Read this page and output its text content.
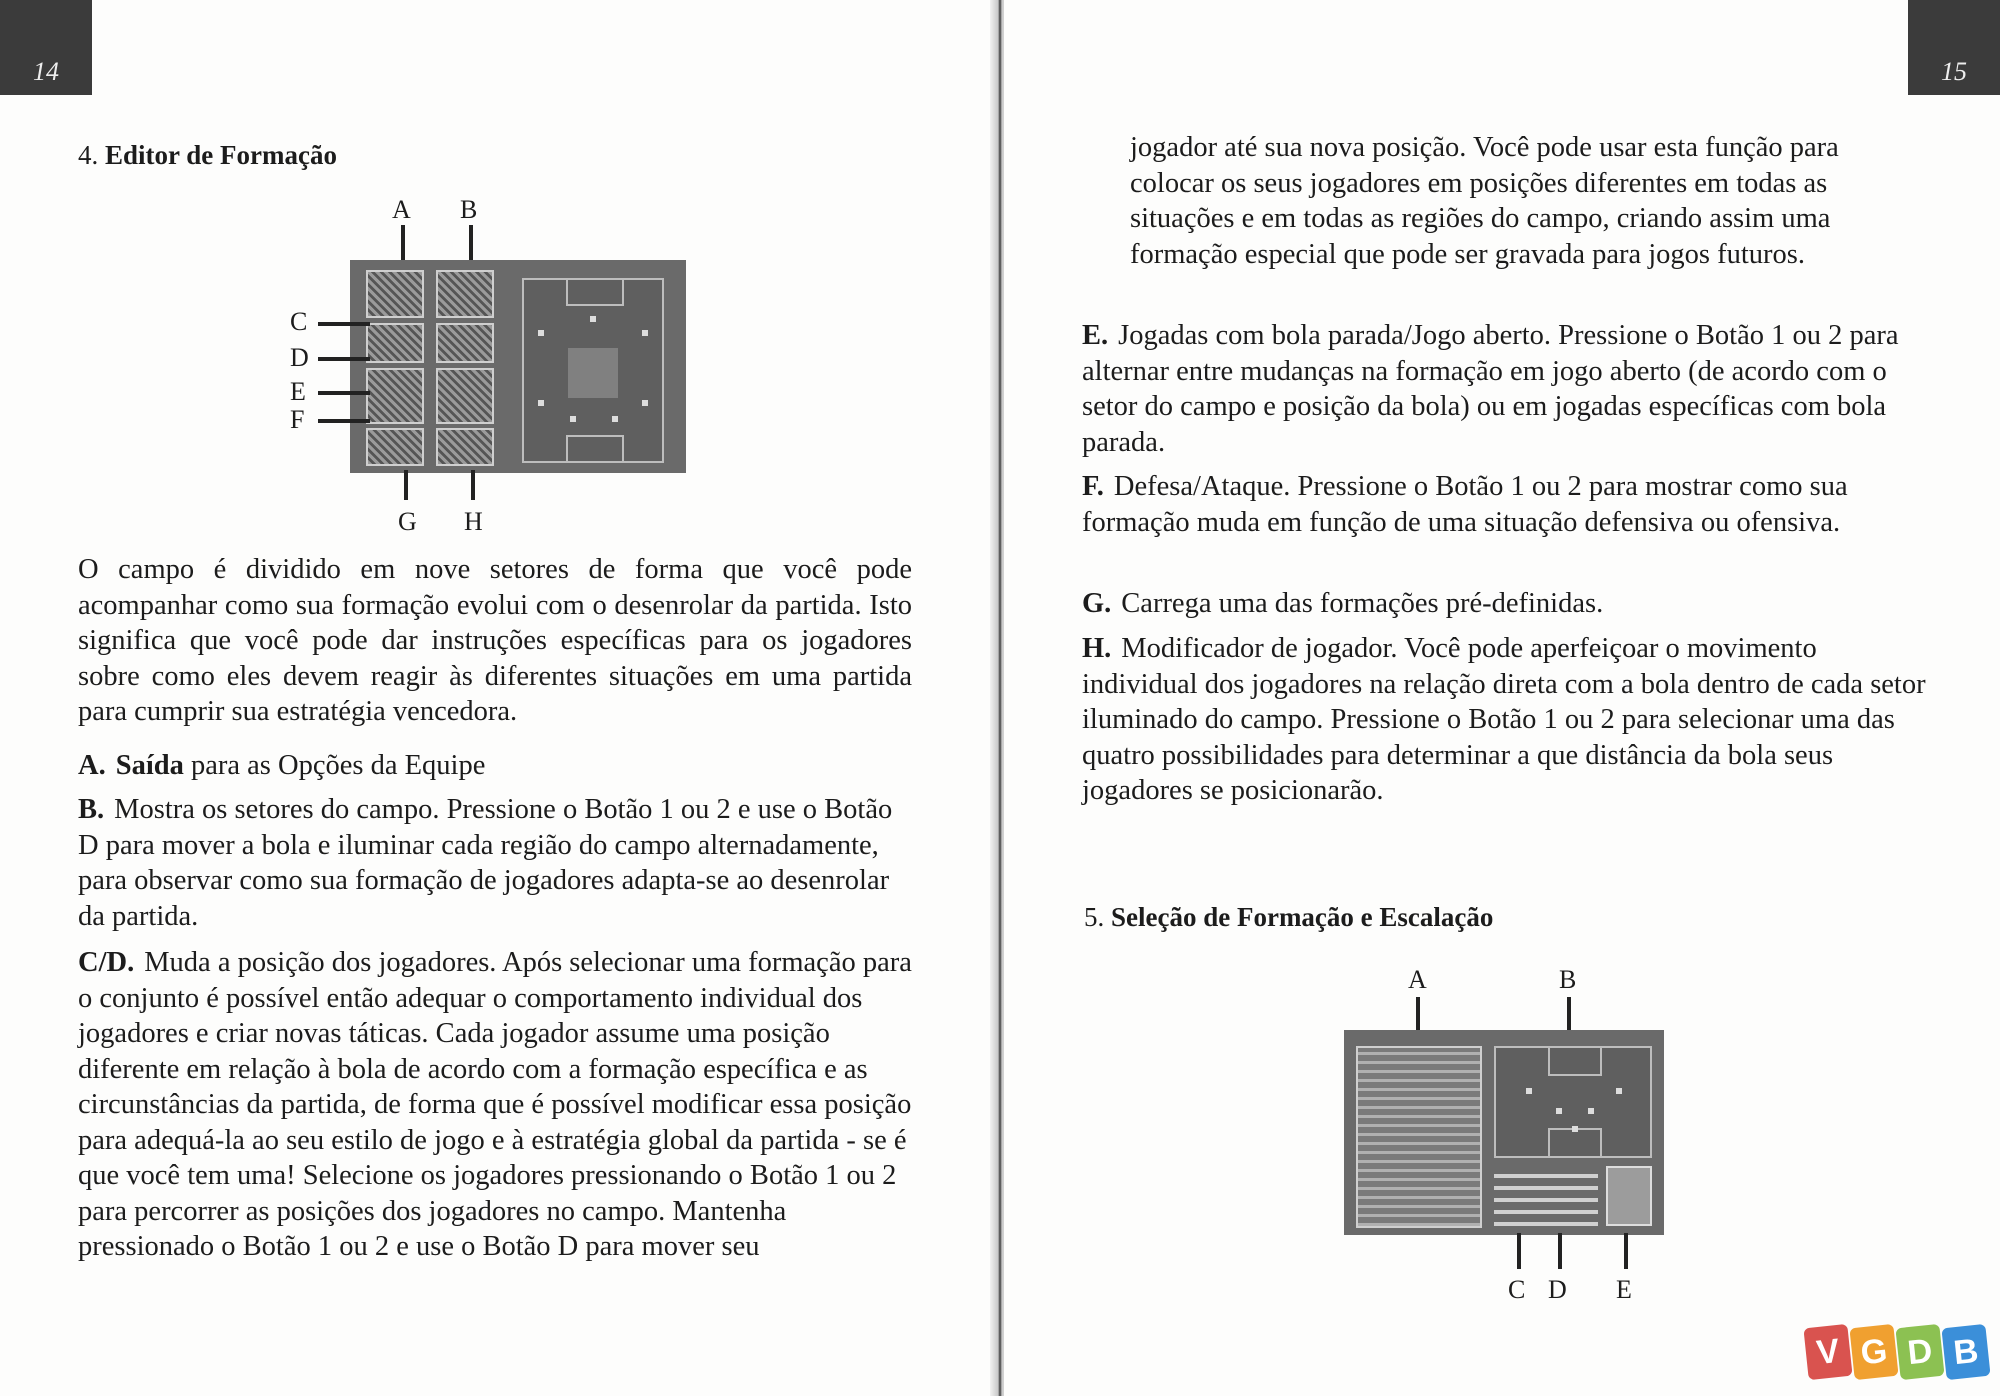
14
4. Editor de Formação
A B
C
D
E
F
G H
O campo é dividido em nove setores de forma que você pode acompanhar como sua formação evolui com o desenrolar da partida. Isto significa que você pode dar instruções específicas para os jogadores sobre como eles devem reagir às diferentes situações em uma partida para cumprir sua estratégia vencedora.
A. Saída para as Opções da Equipe
B. Mostra os setores do campo. Pressione o Botão 1 ou 2 e use o Botão D para mover a bola e iluminar cada região do campo alternadamente, para observar como sua formação de jogadores adapta-se ao desenrolar da partida.
C/D. Muda a posição dos jogadores. Após selecionar uma formação para o conjunto é possível então adequar o comportamento individual dos jogadores e criar novas táticas. Cada jogador assume uma posição diferente em relação à bola de acordo com a formação específica e as circunstâncias da partida, de forma que é possível modificar essa posição para adequá-la ao seu estilo de jogo e à estratégia global da partida - se é que você tem uma! Selecione os jogadores pressionando o Botão 1 ou 2 para percorrer as posições dos jogadores no campo. Mantenha pressionado o Botão 1 ou 2 e use o Botão D para mover seu
15
jogador até sua nova posição. Você pode usar esta função para colocar os seus jogadores em posições diferentes em todas as situações e em todas as regiões do campo, criando assim uma formação especial que pode ser gravada para jogos futuros.
E. Jogadas com bola parada/Jogo aberto. Pressione o Botão 1 ou 2 para alternar entre mudanças na formação em jogo aberto (de acordo com o setor do campo e posição da bola) ou em jogadas específicas com bola parada.
F. Defesa/Ataque. Pressione o Botão 1 ou 2 para mostrar como sua formação muda em função de uma situação defensiva ou ofensiva.
G. Carrega uma das formações pré-definidas.
H. Modificador de jogador. Você pode aperfeiçoar o movimento individual dos jogadores na relação direta com a bola dentro de cada setor iluminado do campo. Pressione o Botão 1 ou 2 para selecionar uma das quatro possibilidades para determinar a que distância da bola seus jogadores se posicionarão.
5. Seleção de Formação e Escalação
A	B
C D E
V G D B
